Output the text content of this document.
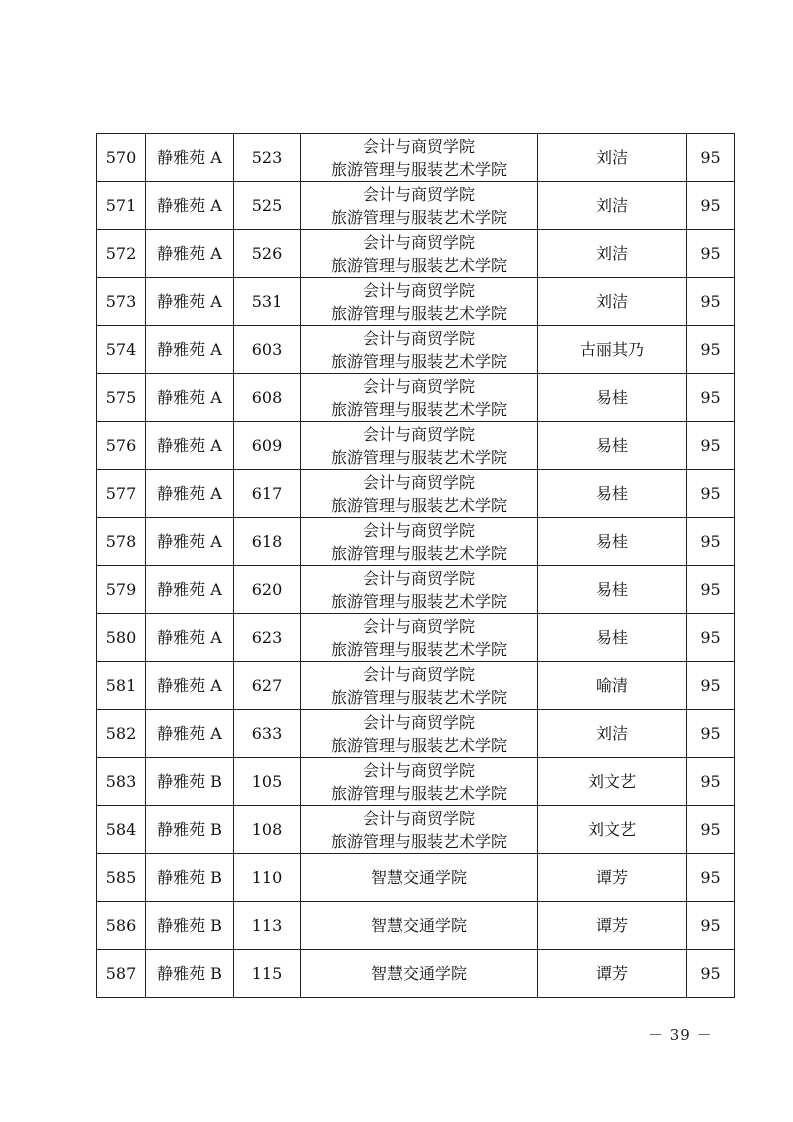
570	静雅苑 A	523	会计与商贸学院
旅游管理与服装艺术学院	刘洁	95
571	静雅苑 A	525	会计与商贸学院
旅游管理与服装艺术学院	刘洁	95
572	静雅苑 A	526	会计与商贸学院
旅游管理与服装艺术学院	刘洁	95
573	静雅苑 A	531	会计与商贸学院
旅游管理与服装艺术学院	刘洁	95
574	静雅苑 A	603	会计与商贸学院
旅游管理与服装艺术学院	古丽其乃	95
575	静雅苑 A	608	会计与商贸学院
旅游管理与服装艺术学院	易桂	95
576	静雅苑 A	609	会计与商贸学院
旅游管理与服装艺术学院	易桂	95
577	静雅苑 A	617	会计与商贸学院
旅游管理与服装艺术学院	易桂	95
578	静雅苑 A	618	会计与商贸学院
旅游管理与服装艺术学院	易桂	95
579	静雅苑 A	620	会计与商贸学院
旅游管理与服装艺术学院	易桂	95
580	静雅苑 A	623	会计与商贸学院
旅游管理与服装艺术学院	易桂	95
581	静雅苑 A	627	会计与商贸学院
旅游管理与服装艺术学院	喻清	95
582	静雅苑 A	633	会计与商贸学院
旅游管理与服装艺术学院	刘洁	95
583	静雅苑 B	105	会计与商贸学院
旅游管理与服装艺术学院	刘文艺	95
584	静雅苑 B	108	会计与商贸学院
旅游管理与服装艺术学院	刘文艺	95
585	静雅苑 B	110	智慧交通学院	谭芳	95
586	静雅苑 B	113	智慧交通学院	谭芳	95
587	静雅苑 B	115	智慧交通学院	谭芳	95
－ 39 －
